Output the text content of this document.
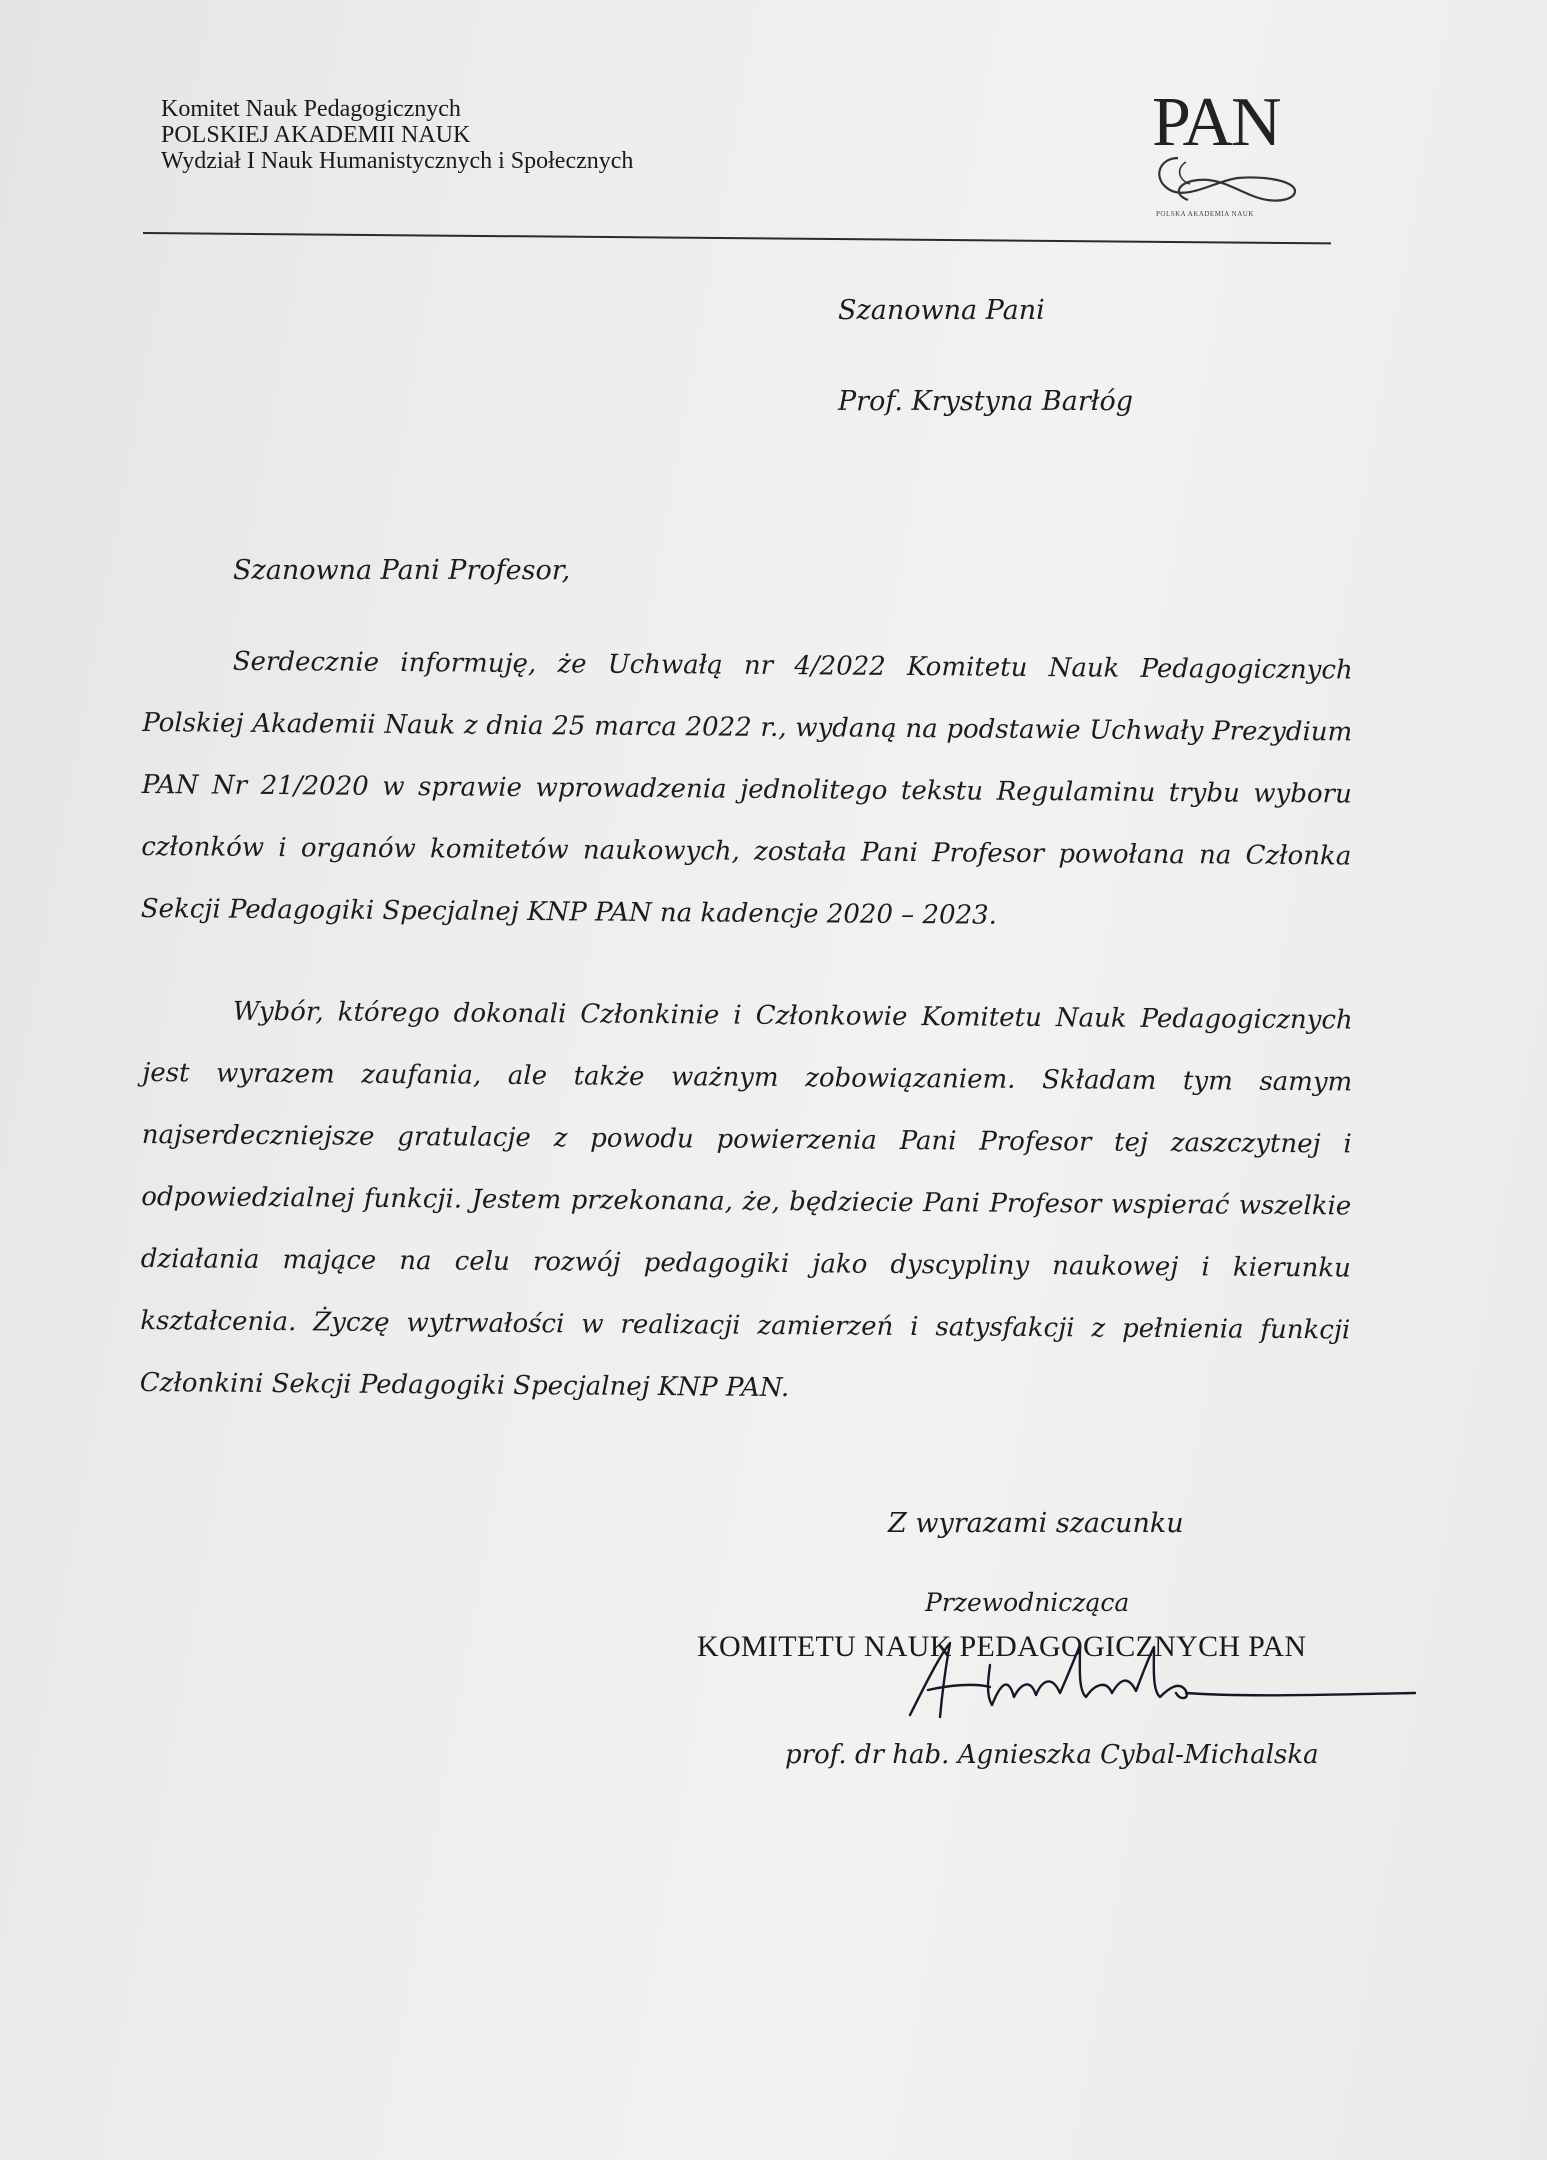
Komitet Nauk Pedagogicznych
POLSKIEJ AKADEMII NAUK
Wydział I Nauk Humanistycznych i Społecznych	PAN
POLSKA AKADEMIA NAUK
Szanowna Pani
Prof. Krystyna Barłóg
Szanowna Pani Profesor,
Serdecznie informuję, że Uchwałą nr 4/2022 Komitetu Nauk Pedagogicznych Polskiej Akademii Nauk z dnia 25 marca 2022 r., wydaną na podstawie Uchwały Prezydium PAN Nr 21/2020 w sprawie wprowadzenia jednolitego tekstu Regulaminu trybu wyboru członków i organów komitetów naukowych, została Pani Profesor powołana na Członka Sekcji Pedagogiki Specjalnej KNP PAN na kadencje 2020 – 2023.
Wybór, którego dokonali Członkinie i Członkowie Komitetu Nauk Pedagogicznych jest wyrazem zaufania, ale także ważnym zobowiązaniem. Składam tym samym najserdeczniejsze gratulacje z powodu powierzenia Pani Profesor tej zaszczytnej i odpowiedzialnej funkcji. Jestem przekonana, że, będziecie Pani Profesor wspierać wszelkie działania mające na celu rozwój pedagogiki jako dyscypliny naukowej i kierunku kształcenia. Życzę wytrwałości w realizacji zamierzeń i satysfakcji z pełnienia funkcji Członkini Sekcji Pedagogiki Specjalnej KNP PAN.
Z wyrazami szacunku
Przewodnicząca
KOMITETU NAUK PEDAGOGICZNYCH PAN
prof. dr hab. Agnieszka Cybal-Michalska
